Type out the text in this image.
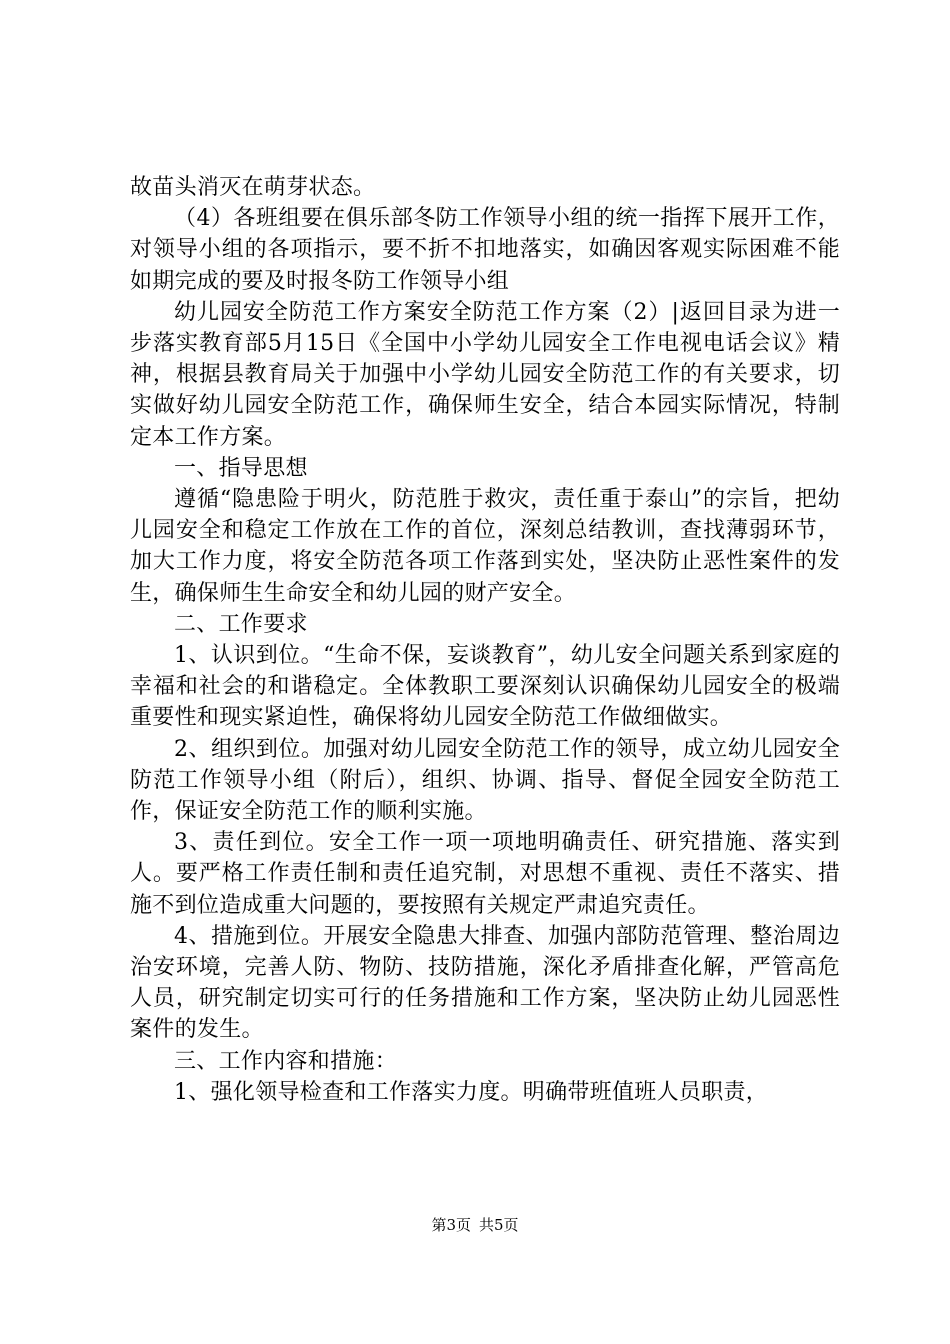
故苗头消灭在萌芽状态。

（4）各班组要在俱乐部冬防工作领导小组的统一指挥下展开工作，对领导小组的各项指示，要不折不扣地落实，如确因客观实际困难不能如期完成的要及时报冬防工作领导小组

幼儿园安全防范工作方案安全防范工作方案（2）|返回目录为进一步落实教育部5月15日《全国中小学幼儿园安全工作电视电话会议》精神，根据县教育局关于加强中小学幼儿园安全防范工作的有关要求，切实做好幼儿园安全防范工作，确保师生安全，结合本园实际情况，特制定本工作方案。

一、指导思想

遵循“隐患险于明火，防范胜于救灾，责任重于泰山”的宗旨，把幼儿园安全和稳定工作放在工作的首位，深刻总结教训，查找薄弱环节，加大工作力度，将安全防范各项工作落到实处，坚决防止恶性案件的发生，确保师生生命安全和幼儿园的财产安全。

二、工作要求

1、认识到位。“生命不保，妄谈教育”，幼儿安全问题关系到家庭的幸福和社会的和谐稳定。全体教职工要深刻认识确保幼儿园安全的极端重要性和现实紧迫性，确保将幼儿园安全防范工作做细做实。

2、组织到位。加强对幼儿园安全防范工作的领导，成立幼儿园安全防范工作领导小组（附后），组织、协调、指导、督促全园安全防范工作，保证安全防范工作的顺利实施。

3、责任到位。安全工作一项一项地明确责任、研究措施、落实到人。要严格工作责任制和责任追究制，对思想不重视、责任不落实、措施不到位造成重大问题的，要按照有关规定严肃追究责任。

4、措施到位。开展安全隐患大排查、加强内部防范管理、整治周边治安环境，完善人防、物防、技防措施，深化矛盾排查化解，严管高危人员，研究制定切实可行的任务措施和工作方案，坚决防止幼儿园恶性案件的发生。

三、工作内容和措施：

1、强化领导检查和工作落实力度。明确带班值班人员职责，

第3页 共5页
